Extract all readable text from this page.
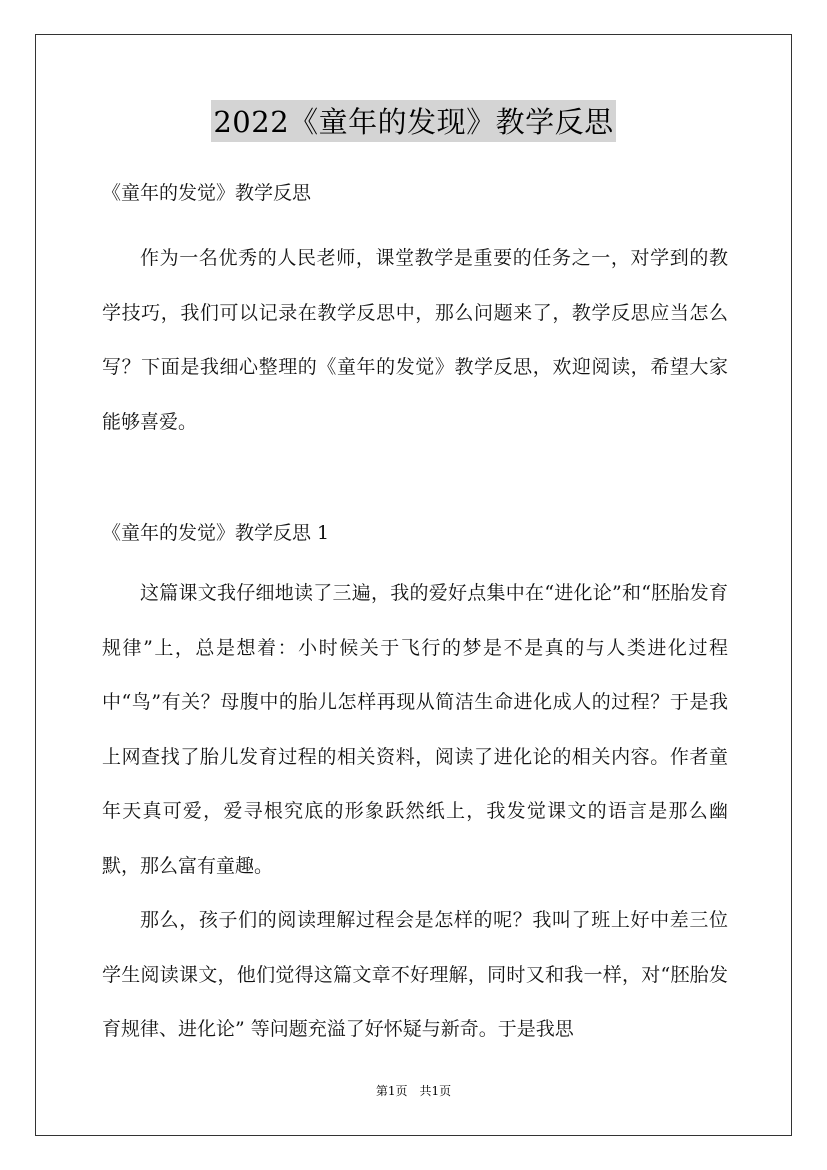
2022《童年的发现》教学反思

《童年的发觉》教学反思

作为一名优秀的人民老师，课堂教学是重要的任务之一，对学到的教学技巧，我们可以记录在教学反思中，那么问题来了，教学反思应当怎么写？下面是我细心整理的《童年的发觉》教学反思，欢迎阅读，希望大家能够喜爱。

《童年的发觉》教学反思 1

这篇课文我仔细地读了三遍，我的爱好点集中在“进化论”和“胚胎发育规律”上，总是想着：小时候关于飞行的梦是不是真的与人类进化过程中“鸟”有关？母腹中的胎儿怎样再现从简洁生命进化成人的过程？于是我上网查找了胎儿发育过程的相关资料，阅读了进化论的相关内容。作者童年天真可爱，爱寻根究底的形象跃然纸上，我发觉课文的语言是那么幽默，那么富有童趣。

那么，孩子们的阅读理解过程会是怎样的呢？我叫了班上好中差三位学生阅读课文，他们觉得这篇文章不好理解，同时又和我一样，对“胚胎发育规律、进化论” 等问题充溢了好怀疑与新奇。于是我思

第1页 共1页
